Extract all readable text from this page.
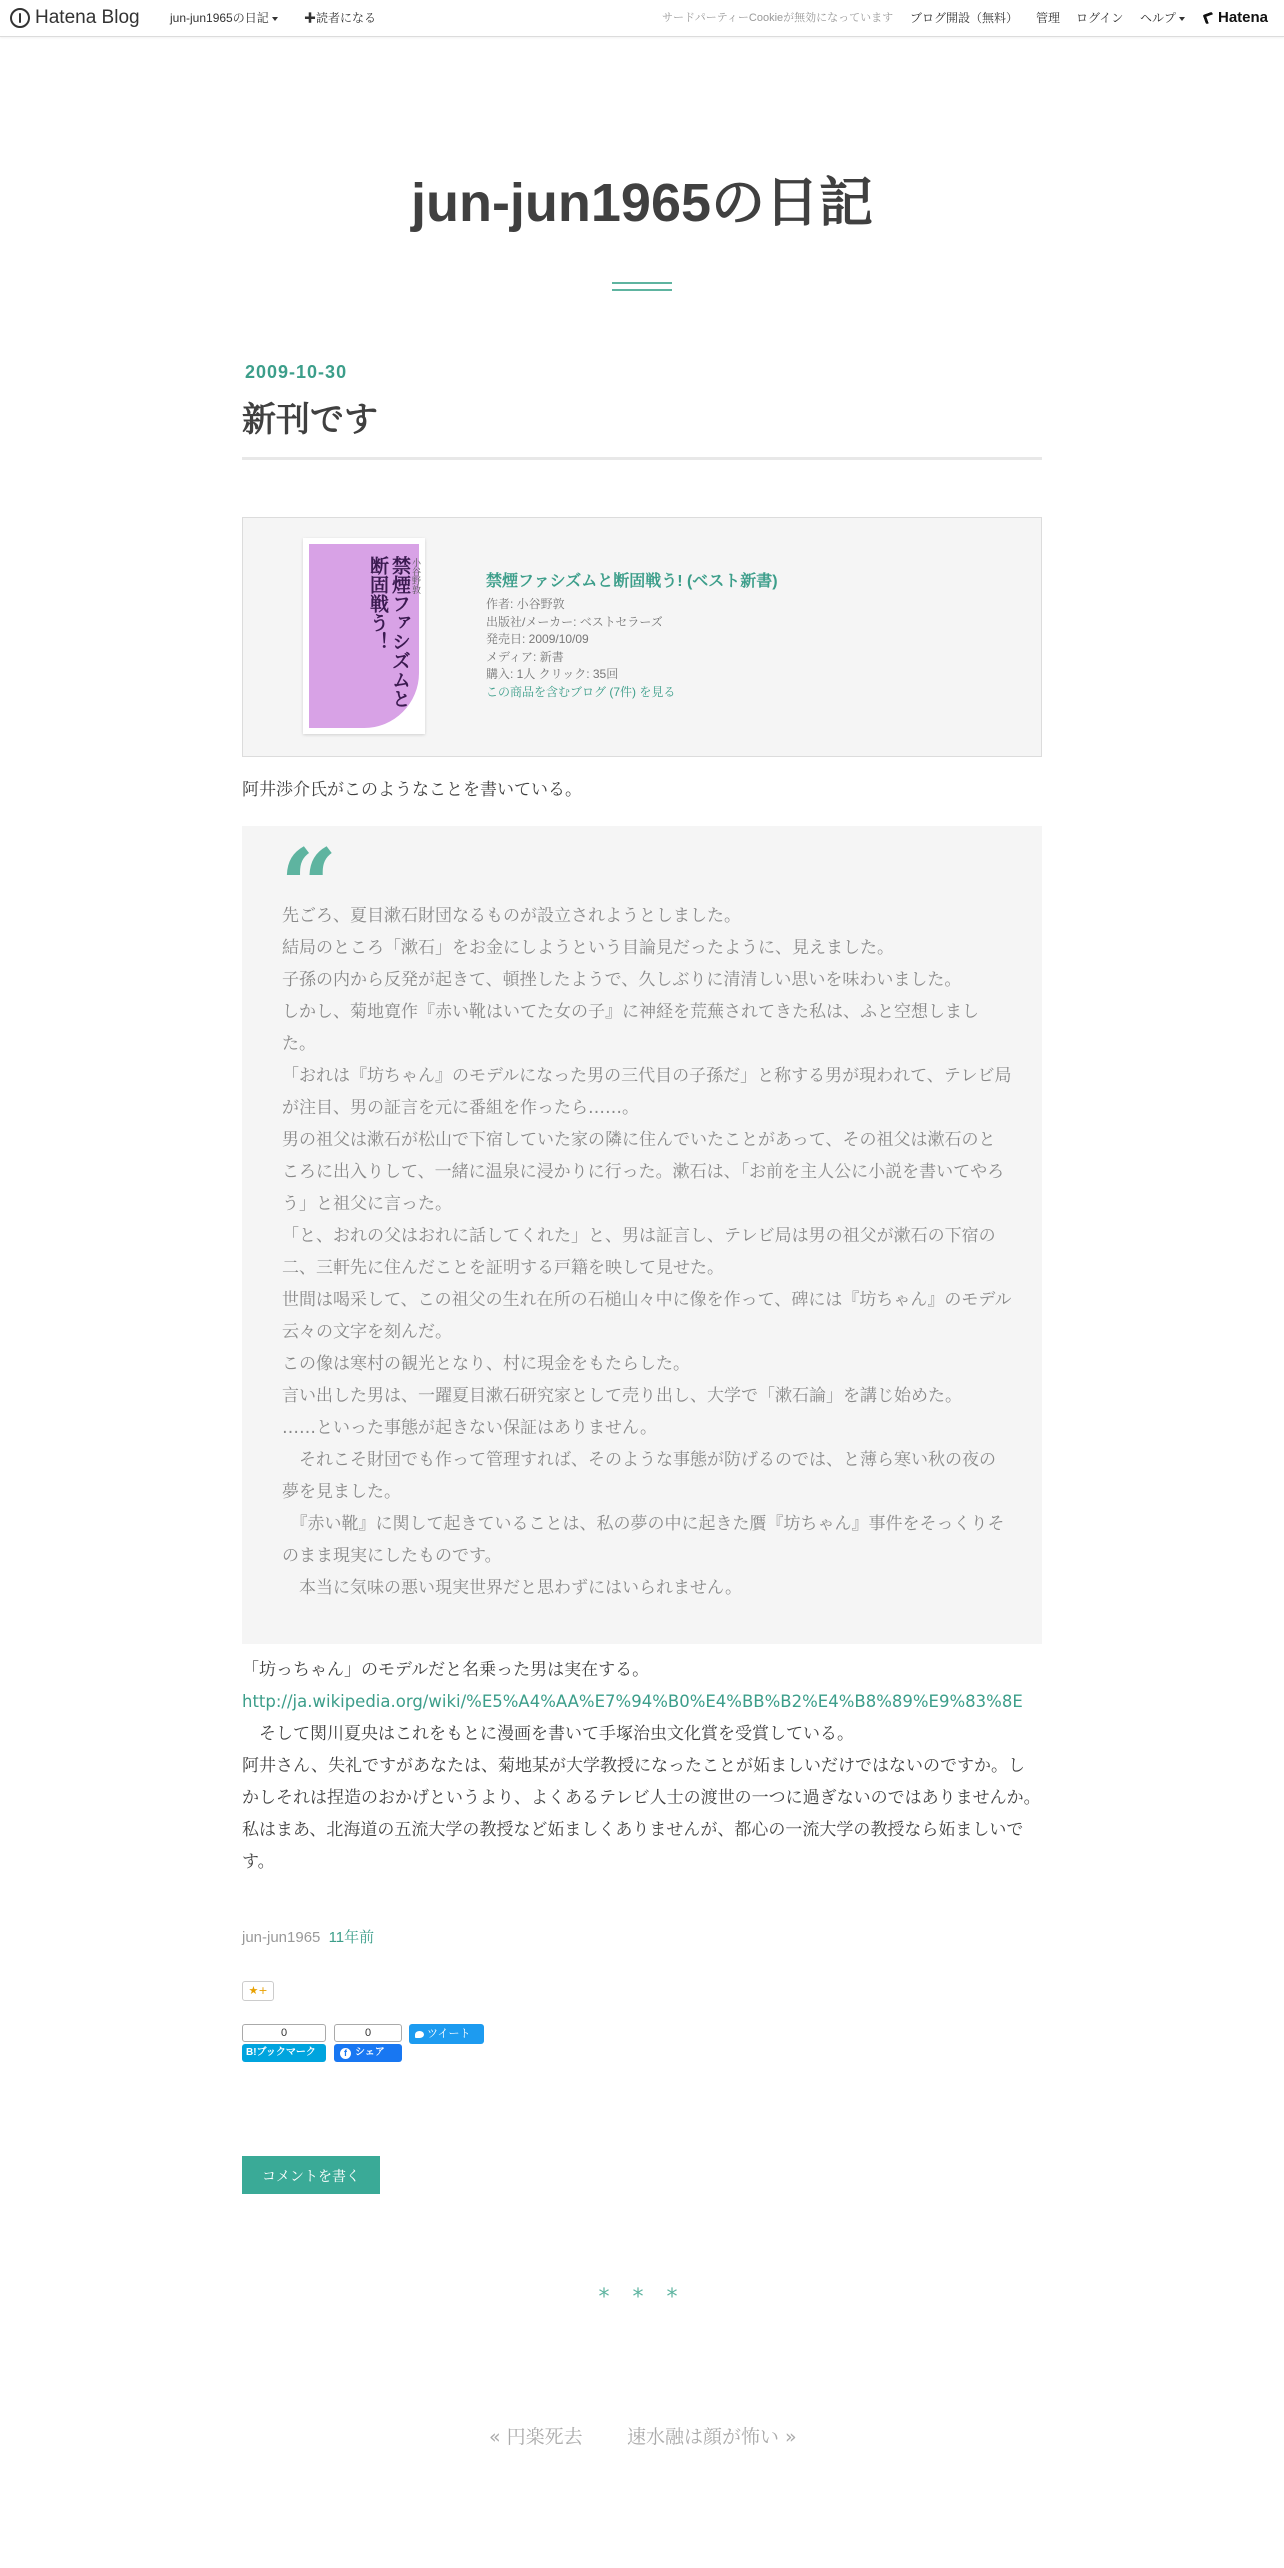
Hatena Blog	jun-jun1965の日記	✚読者になる	サードパーティーCookieが無効になっています ブログ開設（無料） 管理 ログイン ヘルプ	Hatena
jun-jun1965の日記
2009-10-30
新刊です
小谷野敦
禁煙ファシズムと断固戦う！	禁煙ファシズムと断固戦う! (ベスト新書)
作者: 小谷野敦
出版社/メーカー: ベストセラーズ
発売日: 2009/10/09
メディア: 新書
購入: 1人 クリック: 35回
この商品を含むブログ (7件) を見る
阿井渉介氏がこのようなことを書いている。
“

先ごろ、夏目漱石財団なるものが設立されようとしました。

結局のところ「漱石」をお金にしようという目論見だったように、見えました。

子孫の内から反発が起きて、頓挫したようで、久しぶりに清清しい思いを味わいました。

しかし、菊地寛作『赤い靴はいてた女の子』に神経を荒蕪されてきた私は、ふと空想しました。

「おれは『坊ちゃん』のモデルになった男の三代目の子孫だ」と称する男が現われて、テレビ局が注目、男の証言を元に番組を作ったら……。

男の祖父は漱石が松山で下宿していた家の隣に住んでいたことがあって、その祖父は漱石のところに出入りして、一緒に温泉に浸かりに行った。漱石は、「お前を主人公に小説を書いてやろう」と祖父に言った。

「と、おれの父はおれに話してくれた」と、男は証言し、テレビ局は男の祖父が漱石の下宿の二、三軒先に住んだことを証明する戸籍を映して見せた。

世間は喝采して、この祖父の生れ在所の石槌山々中に像を作って、碑には『坊ちゃん』のモデル云々の文字を刻んだ。

この像は寒村の観光となり、村に現金をもたらした。

言い出した男は、一躍夏目漱石研究家として売り出し、大学で「漱石論」を講じ始めた。

……といった事態が起きない保証はありません。

　それこそ財団でも作って管理すれば、そのような事態が防げるのでは、と薄ら寒い秋の夜の夢を見ました。

　『赤い靴』に関して起きていることは、私の夢の中に起きた贋『坊ちゃん』事件をそっくりそのまま現実にしたものです。

　本当に気味の悪い現実世界だと思わずにはいられません。

「坊っちゃん」のモデルだと名乗った男は実在する。
http://ja.wikipedia.org/wiki/%E5%A4%AA%E7%94%B0%E4%BB%B2%E4%B8%89%E9%83%8E
　そして関川夏央はこれをもとに漫画を書いて手塚治虫文化賞を受賞している。
阿井さん、失礼ですがあなたは、菊地某が大学教授になったことが妬ましいだけではないのですか。しかしそれは捏造のおかげというより、よくあるテレビ人士の渡世の一つに過ぎないのではありませんか。私はまあ、北海道の五流大学の教授など妬ましくありませんが、都心の一流大学の教授なら妬ましいです。
jun-jun1965 11年前
★+
0
B!ブックマーク
0
f シェア
ツイート
コメントを書く
* * *
« 円楽死去 速水融は顔が怖い »
